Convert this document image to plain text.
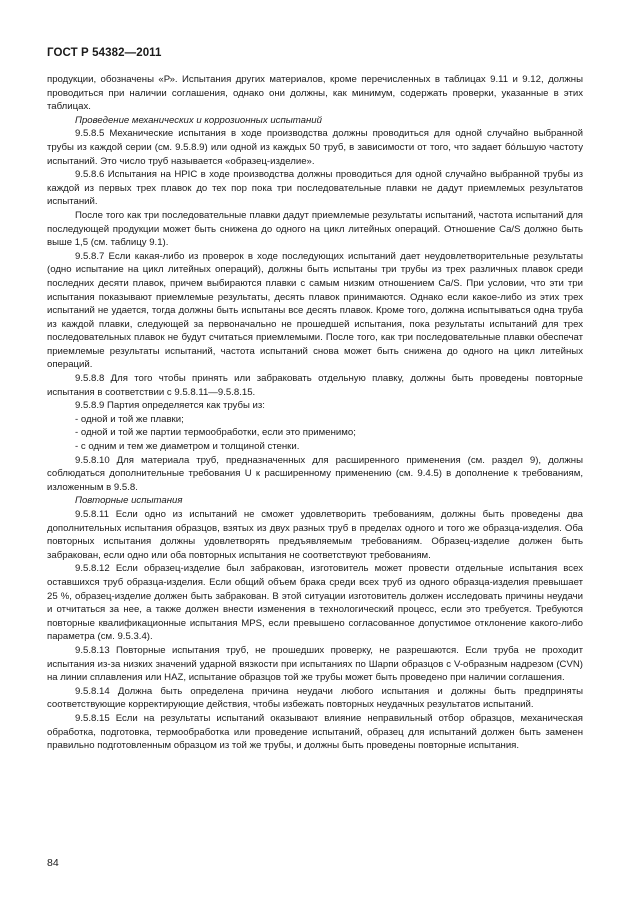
ГОСТ Р 54382—2011

продукции, обозначены «Р». Испытания других материалов, кроме перечисленных в таблицах 9.11 и 9.12, должны проводиться при наличии соглашения, однако они должны, как минимум, содержать проверки, указанные в этих таблицах.

Проведение механических и коррозионных испытаний

9.5.8.5 Механические испытания в ходе производства должны проводиться для одной случайно выбранной трубы из каждой серии (см. 9.5.8.9) или одной из каждых 50 труб, в зависимости от того, что задает бо́льшую частоту испытаний. Это число труб называется «образец-изделие».

9.5.8.6 Испытания на HPIC в ходе производства должны проводиться для одной случайно выбранной трубы из каждой из первых трех плавок до тех пор пока три последовательные плавки не дадут приемлемых результатов испытаний.

После того как три последовательные плавки дадут приемлемые результаты испытаний, частота испытаний для последующей продукции может быть снижена до одного на цикл литейных операций. Отношение Ca/S должно быть выше 1,5 (см. таблицу 9.1).

9.5.8.7 Если какая-либо из проверок в ходе последующих испытаний дает неудовлетворительные результаты (одно испытание на цикл литейных операций), должны быть испытаны три трубы из трех различных плавок среди последних десяти плавок, причем выбираются плавки с самым низким отношением Ca/S. При условии, что эти три испытания показывают приемлемые результаты, десять плавок принимаются. Однако если какое-либо из этих трех испытаний не удается, тогда должны быть испытаны все десять плавок. Кроме того, должна испытываться одна труба из каждой плавки, следующей за первоначально не прошедшей испытания, пока результаты испытаний для трех последовательных плавок не будут считаться приемлемыми. После того, как три последовательные плавки обеспечат приемлемые результаты испытаний, частота испытаний снова может быть снижена до одного на цикл литейных операций.

9.5.8.8 Для того чтобы принять или забраковать отдельную плавку, должны быть проведены повторные испытания в соответствии с 9.5.8.11—9.5.8.15.

9.5.8.9 Партия определяется как трубы из:

- одной и той же плавки;

- одной и той же партии термообработки, если это применимо;

- с одним и тем же диаметром и толщиной стенки.

9.5.8.10 Для материала труб, предназначенных для расширенного применения (см. раздел 9), должны соблюдаться дополнительные требования U к расширенному применению (см. 9.4.5) в дополнение к требованиям, изложенным в 9.5.8.

Повторные испытания

9.5.8.11 Если одно из испытаний не сможет удовлетворить требованиям, должны быть проведены два дополнительных испытания образцов, взятых из двух разных труб в пределах одного и того же образца-изделия. Оба повторных испытания должны удовлетворять предъявляемым требованиям. Образец-изделие должен быть забракован, если одно или оба повторных испытания не соответствуют требованиям.

9.5.8.12 Если образец-изделие был забракован, изготовитель может провести отдельные испытания всех оставшихся труб образца-изделия. Если общий объем брака среди всех труб из одного образца-изделия превышает 25 %, образец-изделие должен быть забракован. В этой ситуации изготовитель должен исследовать причины неудачи и отчитаться за нее, а также должен внести изменения в технологический процесс, если это требуется. Требуются повторные квалификационные испытания MPS, если превышено согласованное допустимое отклонение какого-либо параметра (см. 9.5.3.4).

9.5.8.13 Повторные испытания труб, не прошедших проверку, не разрешаются. Если труба не проходит испытания из-за низких значений ударной вязкости при испытаниях по Шарпи образцов с V-образным надрезом (CVN) на линии сплавления или HAZ, испытание образцов той же трубы может быть проведено при наличии соглашения.

9.5.8.14 Должна быть определена причина неудачи любого испытания и должны быть предприняты соответствующие корректирующие действия, чтобы избежать повторных неудачных результатов испытаний.

9.5.8.15 Если на результаты испытаний оказывают влияние неправильный отбор образцов, механическая обработка, подготовка, термообработка или проведение испытаний, образец для испытаний должен быть заменен правильно подготовленным образцом из той же трубы, и должны быть проведены повторные испытания.

84
